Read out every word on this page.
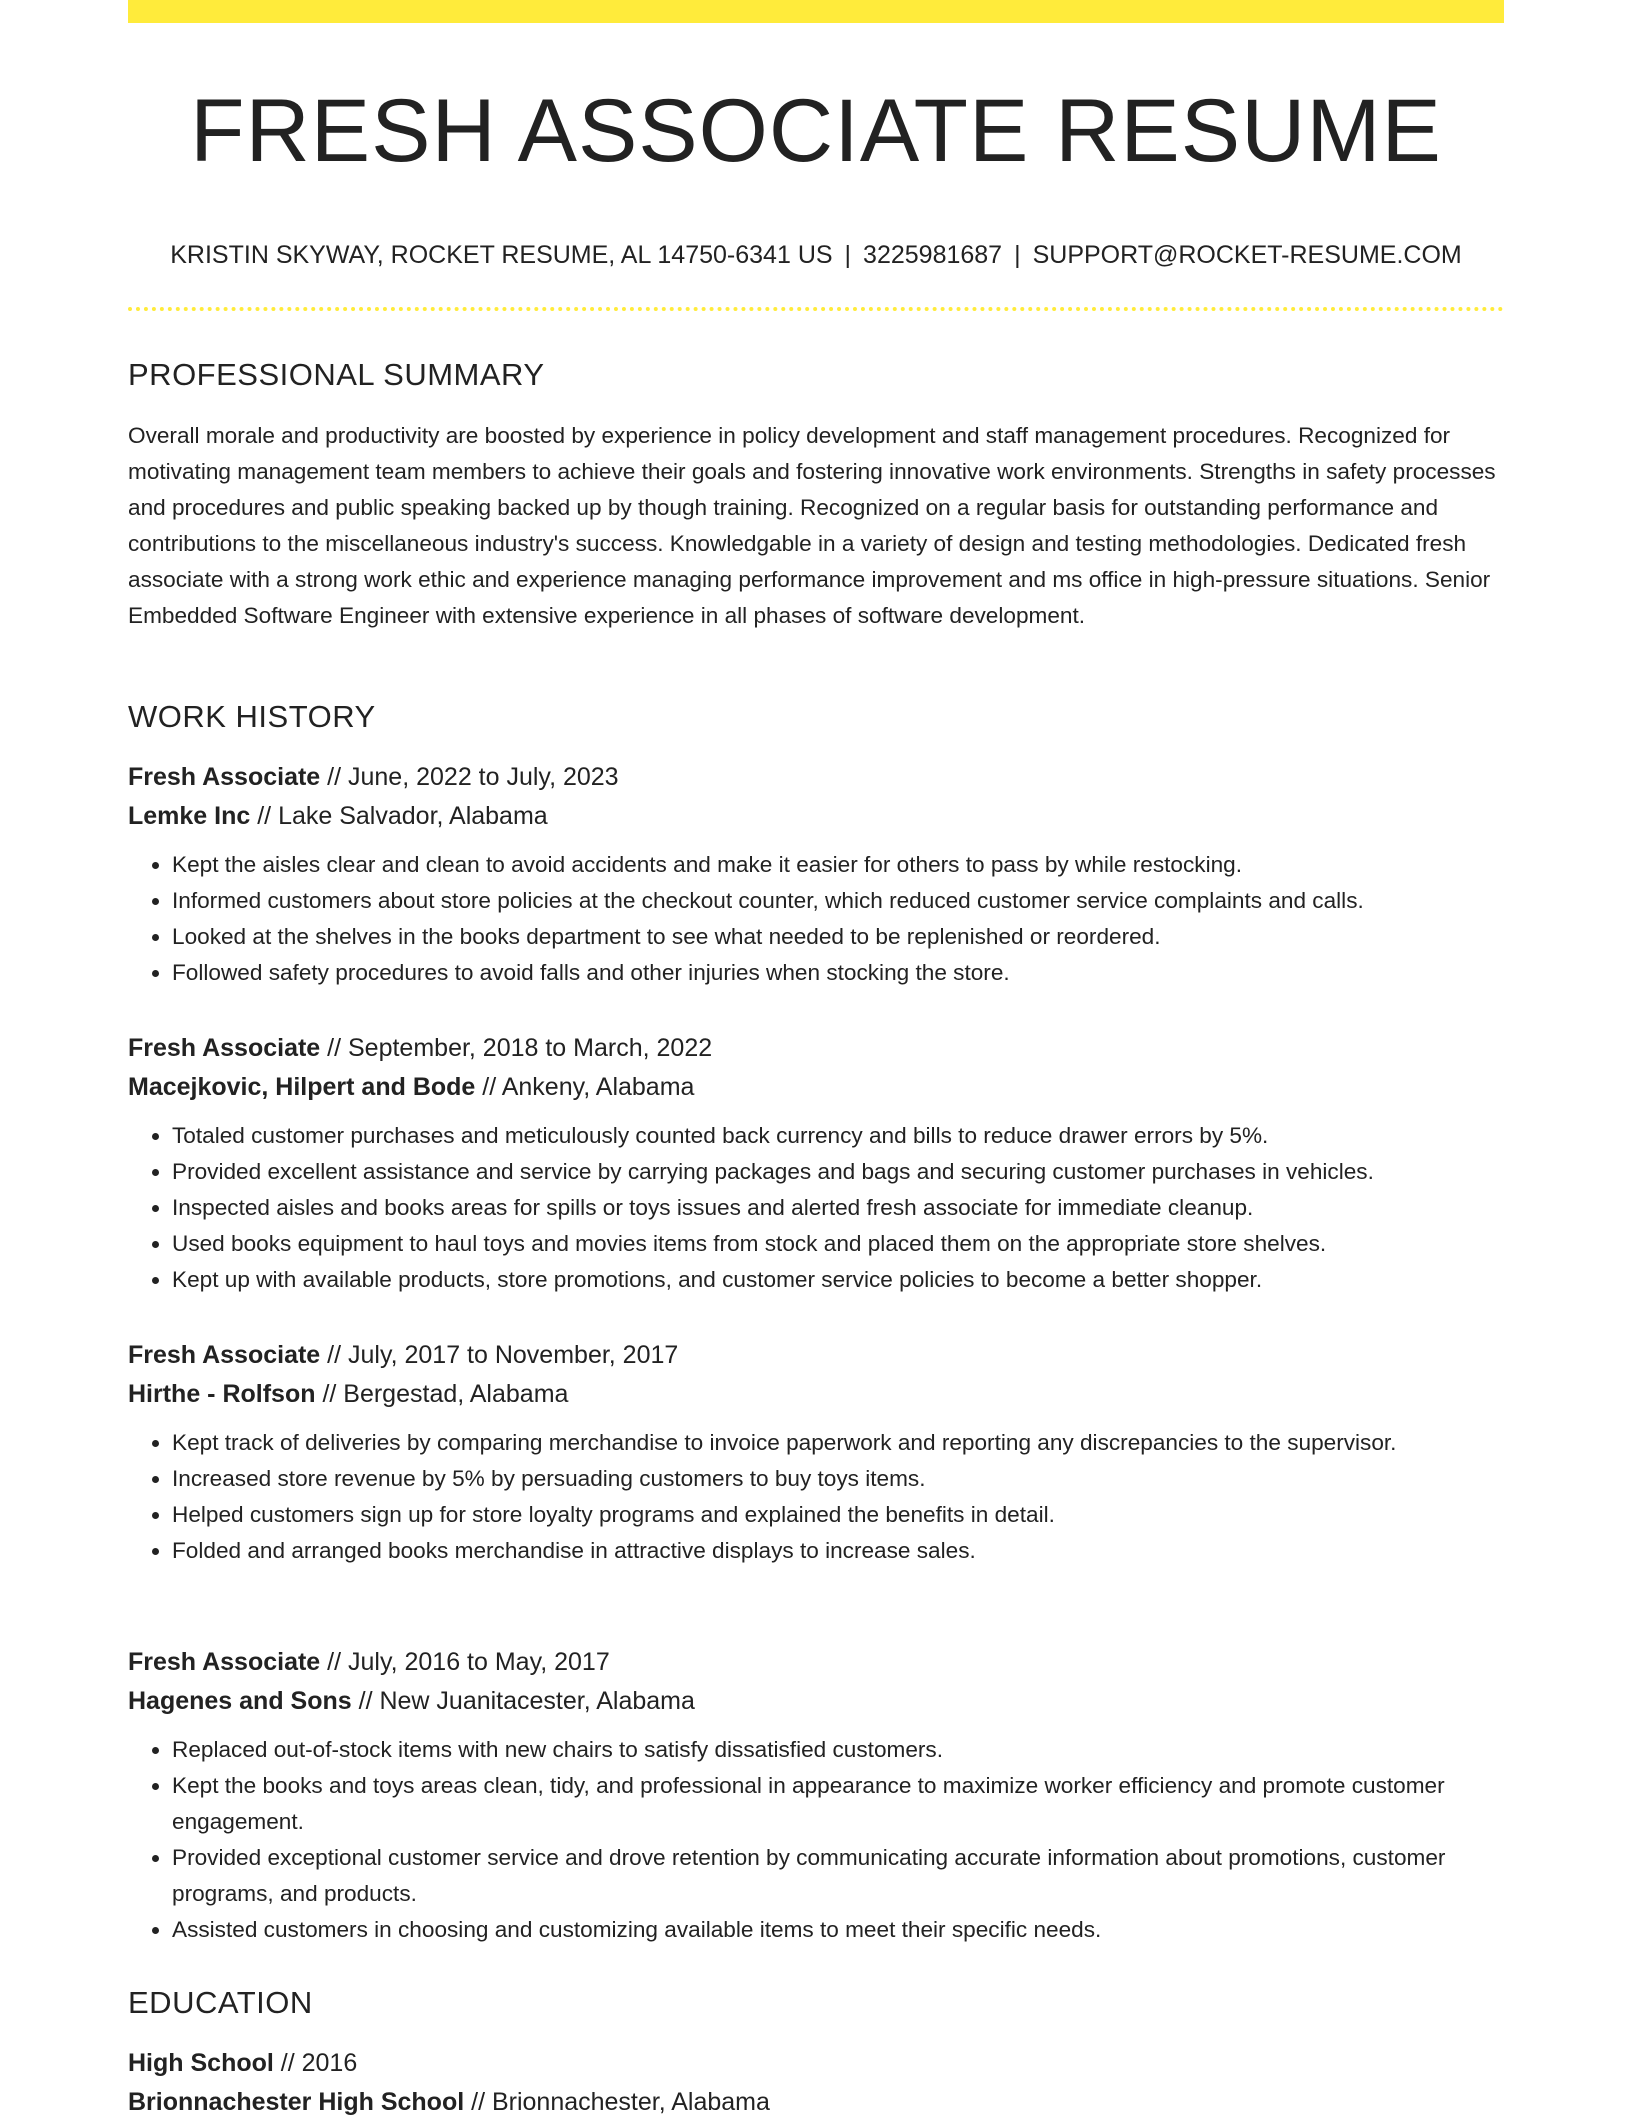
FRESH ASSOCIATE RESUME
KRISTIN SKYWAY, ROCKET RESUME, AL 14750-6341 US | 3225981687 | SUPPORT@ROCKET-RESUME.COM
PROFESSIONAL SUMMARY
Overall morale and productivity are boosted by experience in policy development and staff management procedures. Recognized for motivating management team members to achieve their goals and fostering innovative work environments. Strengths in safety processes and procedures and public speaking backed up by though training. Recognized on a regular basis for outstanding performance and contributions to the miscellaneous industry's success. Knowledgable in a variety of design and testing methodologies. Dedicated fresh associate with a strong work ethic and experience managing performance improvement and ms office in high-pressure situations. Senior Embedded Software Engineer with extensive experience in all phases of software development.
WORK HISTORY
Fresh Associate // June, 2022 to July, 2023
Lemke Inc // Lake Salvador, Alabama
• Kept the aisles clear and clean to avoid accidents and make it easier for others to pass by while restocking.
• Informed customers about store policies at the checkout counter, which reduced customer service complaints and calls.
• Looked at the shelves in the books department to see what needed to be replenished or reordered.
• Followed safety procedures to avoid falls and other injuries when stocking the store.
Fresh Associate // September, 2018 to March, 2022
Macejkovic, Hilpert and Bode // Ankeny, Alabama
• Totaled customer purchases and meticulously counted back currency and bills to reduce drawer errors by 5%.
• Provided excellent assistance and service by carrying packages and bags and securing customer purchases in vehicles.
• Inspected aisles and books areas for spills or toys issues and alerted fresh associate for immediate cleanup.
• Used books equipment to haul toys and movies items from stock and placed them on the appropriate store shelves.
• Kept up with available products, store promotions, and customer service policies to become a better shopper.
Fresh Associate // July, 2017 to November, 2017
Hirthe - Rolfson // Bergestad, Alabama
• Kept track of deliveries by comparing merchandise to invoice paperwork and reporting any discrepancies to the supervisor.
• Increased store revenue by 5% by persuading customers to buy toys items.
• Helped customers sign up for store loyalty programs and explained the benefits in detail.
• Folded and arranged books merchandise in attractive displays to increase sales.
Fresh Associate // July, 2016 to May, 2017
Hagenes and Sons // New Juanitacester, Alabama
• Replaced out-of-stock items with new chairs to satisfy dissatisfied customers.
• Kept the books and toys areas clean, tidy, and professional in appearance to maximize worker efficiency and promote customer engagement.
• Provided exceptional customer service and drove retention by communicating accurate information about promotions, customer programs, and products.
• Assisted customers in choosing and customizing available items to meet their specific needs.
EDUCATION
High School // 2016
Brionnachester High School // Brionnachester, Alabama
